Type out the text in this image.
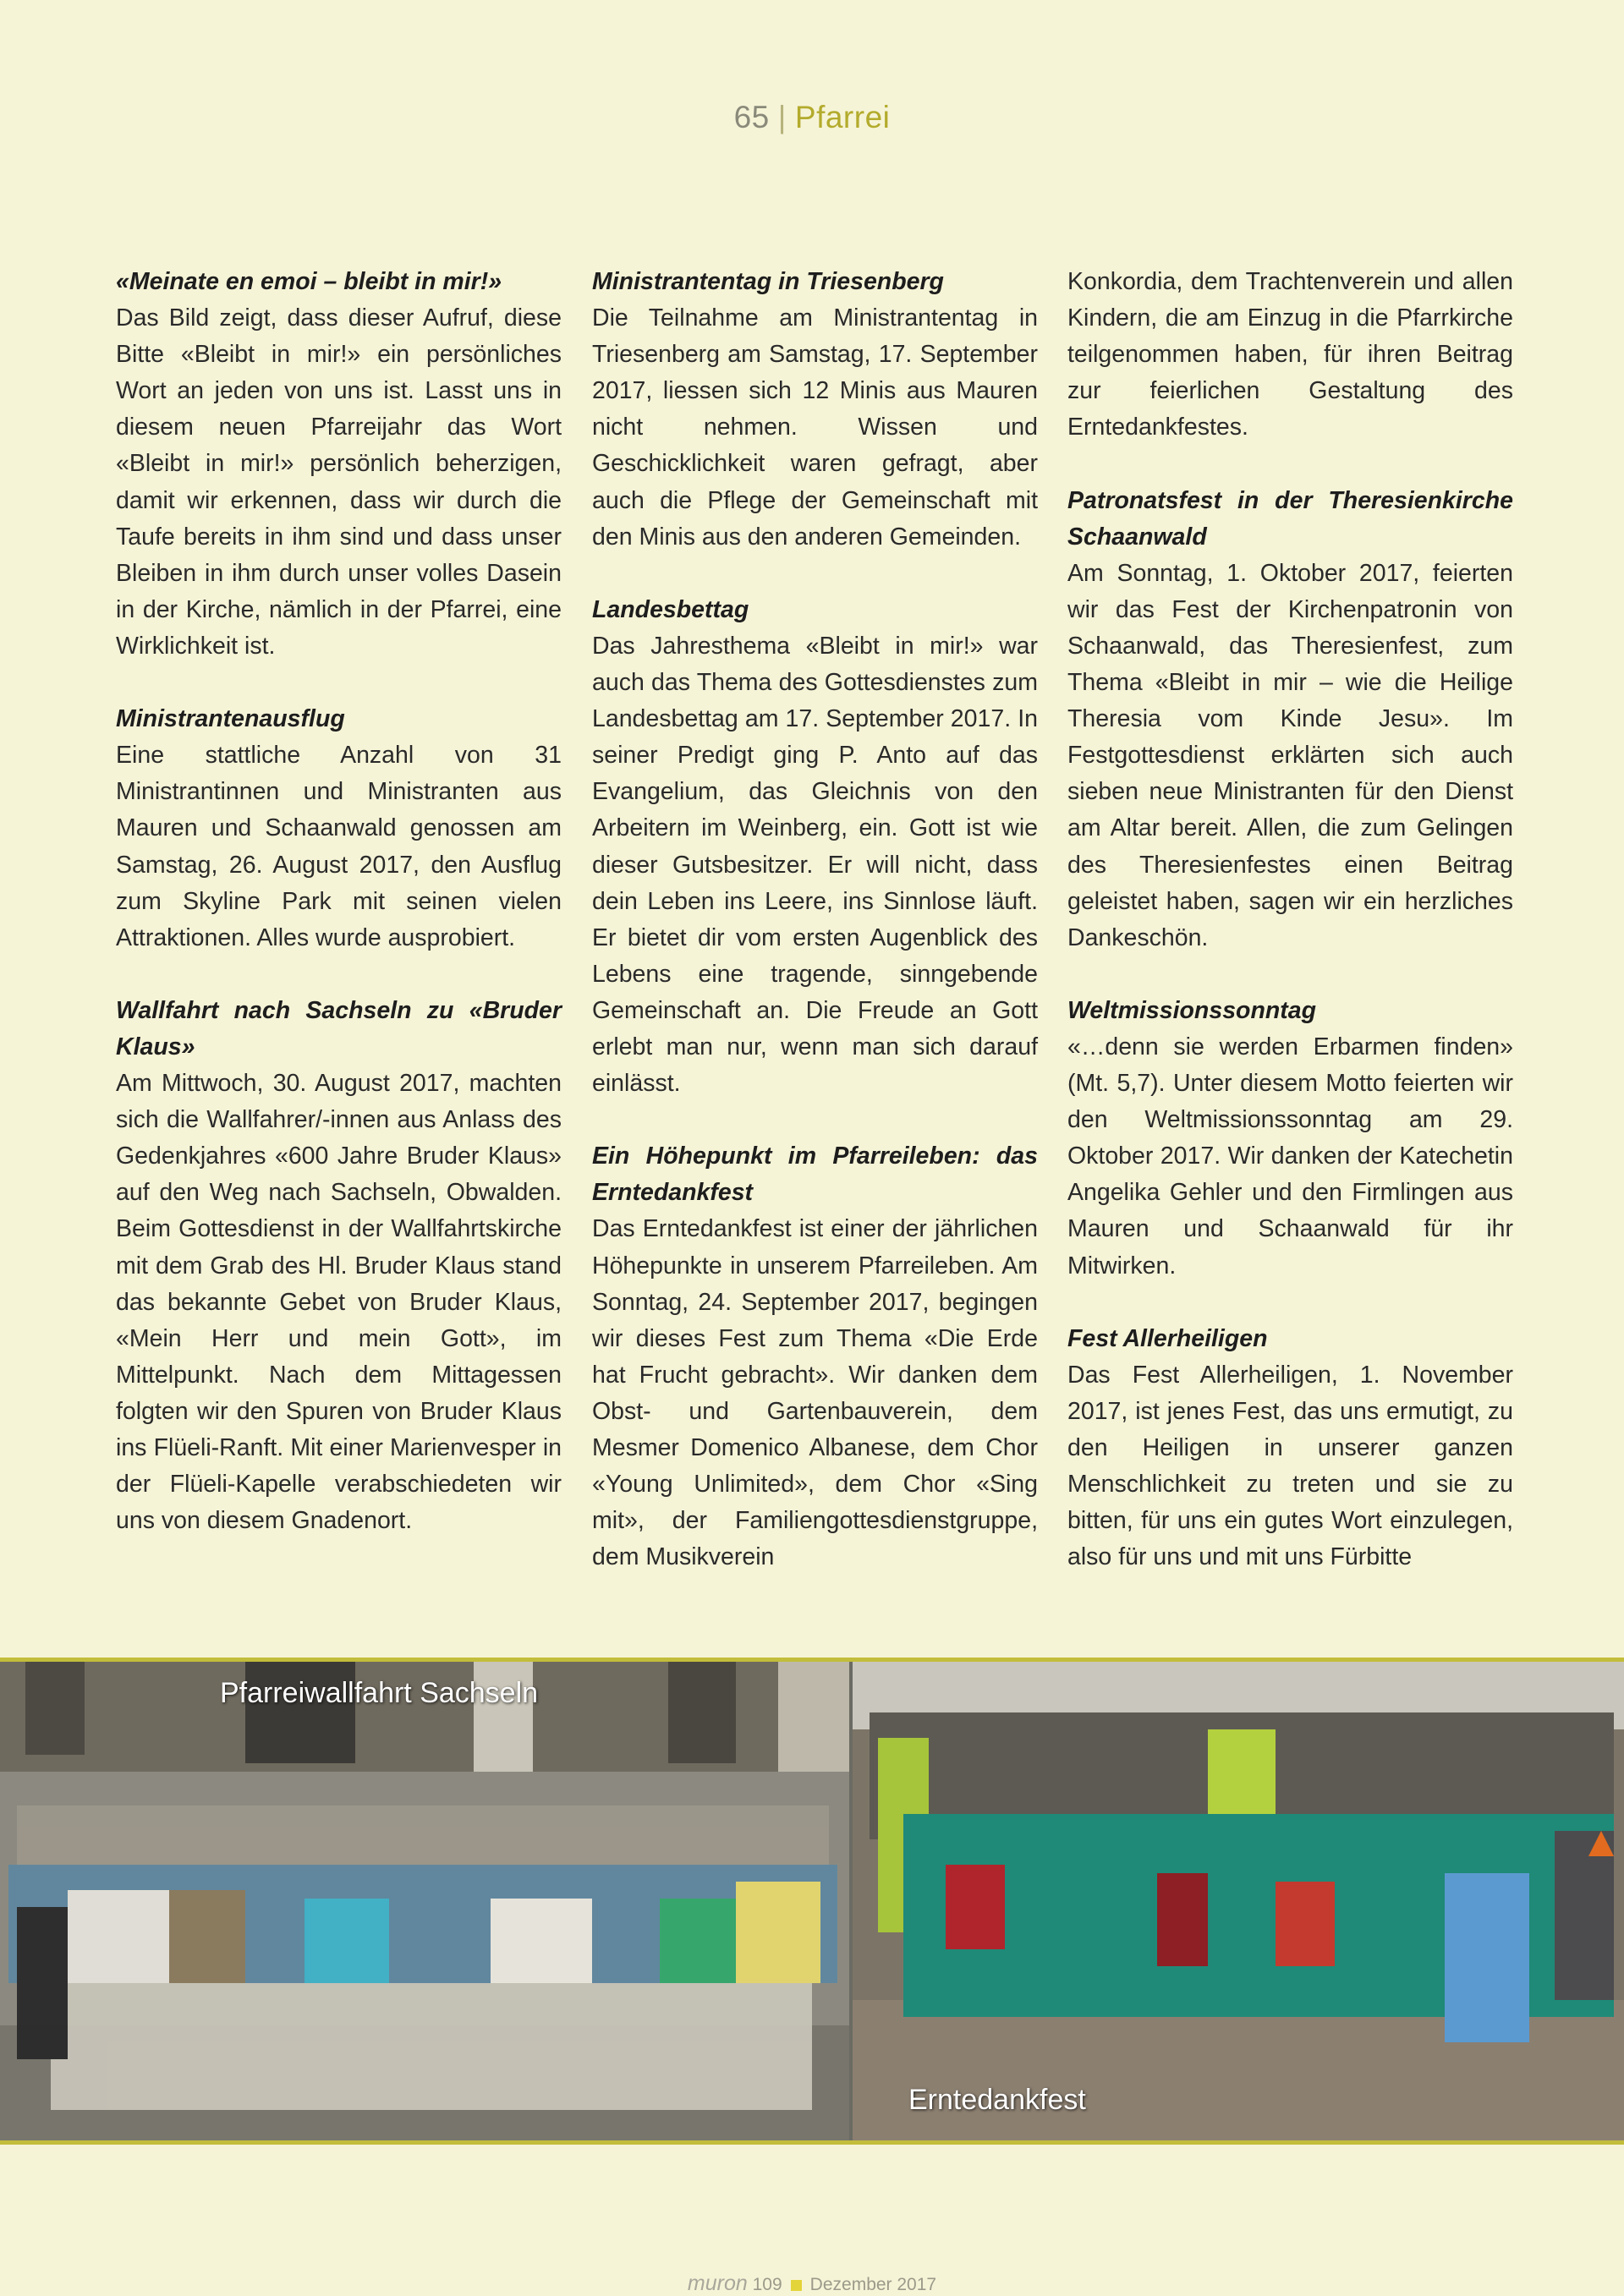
65 | Pfarrei
«Meinate en emoi – bleibt in mir!»

Das Bild zeigt, dass dieser Aufruf, diese Bitte «Bleibt in mir!» ein persönliches Wort an jeden von uns ist. Lasst uns in diesem neuen Pfarreijahr das Wort «Bleibt in mir!» persönlich beherzigen, damit wir erkennen, dass wir durch die Taufe bereits in ihm sind und dass unser Bleiben in ihm durch unser volles Dasein in der Kirche, nämlich in der Pfarrei, eine Wirklichkeit ist.

Ministrantenausflug

Eine stattliche Anzahl von 31 Ministrantinnen und Ministranten aus Mauren und Schaanwald genossen am Samstag, 26. August 2017, den Ausflug zum Skyline Park mit seinen vielen Attraktionen. Alles wurde ausprobiert.

Wallfahrt nach Sachseln zu «Bruder Klaus»

Am Mittwoch, 30. August 2017, machten sich die Wallfahrer/-innen aus Anlass des Gedenkjahres «600 Jahre Bruder Klaus» auf den Weg nach Sachseln, Obwalden. Beim Gottesdienst in der Wallfahrtskirche mit dem Grab des Hl. Bruder Klaus stand das bekannte Gebet von Bruder Klaus, «Mein Herr und mein Gott», im Mittelpunkt. Nach dem Mittagessen folgten wir den Spuren von Bruder Klaus ins Flüeli-Ranft. Mit einer Marienvesper in der Flüeli-Kapelle verabschiedeten wir uns von diesem Gnadenort.

Ministrantentag in Triesenberg

Die Teilnahme am Ministrantentag in Triesenberg am Samstag, 17. September 2017, liessen sich 12 Minis aus Mauren nicht nehmen. Wissen und Geschicklichkeit waren gefragt, aber auch die Pflege der Gemeinschaft mit den Minis aus den anderen Gemeinden.

Landesbettag

Das Jahresthema «Bleibt in mir!» war auch das Thema des Gottesdienstes zum Landesbettag am 17. September 2017. In seiner Predigt ging P. Anto auf das Evangelium, das Gleichnis von den Arbeitern im Weinberg, ein. Gott ist wie dieser Gutsbesitzer. Er will nicht, dass dein Leben ins Leere, ins Sinnlose läuft. Er bietet dir vom ersten Augenblick des Lebens eine tragende, sinngebende Gemeinschaft an. Die Freude an Gott erlebt man nur, wenn man sich darauf einlässt.

Ein Höhepunkt im Pfarreileben: das Erntedankfest

Das Erntedankfest ist einer der jährlichen Höhepunkte in unserem Pfarreileben. Am Sonntag, 24. September 2017, begingen wir dieses Fest zum Thema «Die Erde hat Frucht gebracht». Wir danken dem Obst- und Gartenbauverein, dem Mesmer Domenico Albanese, dem Chor «Young Unlimited», dem Chor «Sing mit», der Familiengottesdienstgruppe, dem Musikverein

Konkordia, dem Trachtenverein und allen Kindern, die am Einzug in die Pfarrkirche teilgenommen haben, für ihren Beitrag zur feierlichen Gestaltung des Erntedankfestes.

Patronatsfest in der Theresienkirche Schaanwald

Am Sonntag, 1. Oktober 2017, feierten wir das Fest der Kirchenpatronin von Schaanwald, das Theresienfest, zum Thema «Bleibt in mir – wie die Heilige Theresia vom Kinde Jesu». Im Festgottesdienst erklärten sich auch sieben neue Ministranten für den Dienst am Altar bereit. Allen, die zum Gelingen des Theresienfestes einen Beitrag geleistet haben, sagen wir ein herzliches Dankeschön.

Weltmissionssonntag

«…denn sie werden Erbarmen finden» (Mt. 5,7). Unter diesem Motto feierten wir den Weltmissionssonntag am 29. Oktober 2017. Wir danken der Katechetin Angelika Gehler und den Firmlingen aus Mauren und Schaanwald für ihr Mitwirken.

Fest Allerheiligen

Das Fest Allerheiligen, 1. November 2017, ist jenes Fest, das uns ermutigt, zu den Heiligen in unserer ganzen Menschlichkeit zu treten und sie zu bitten, für uns ein gutes Wort einzulegen, also für uns und mit uns Fürbitte

Pfarreiwallfahrt Sachseln
Erntedankfest
muron 109 Dezember 2017
